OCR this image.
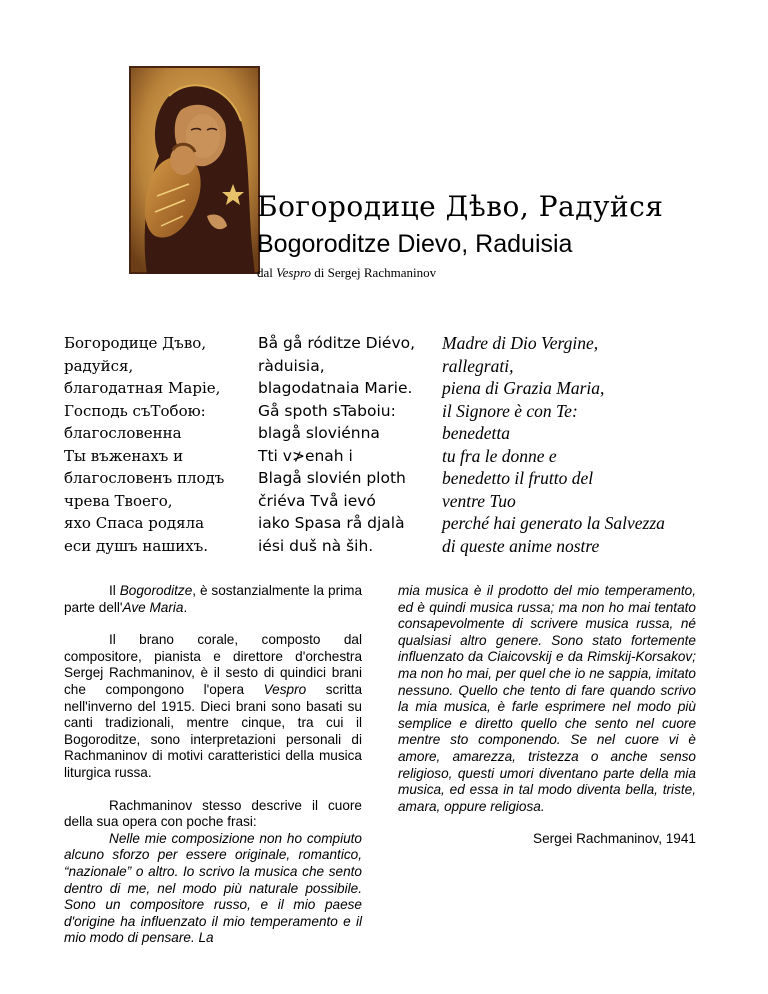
Богородице Дѣво, Радуйся
Bogoroditze Dievo, Raduisia

dal Vespro di Sergej Rachmaninov

Богородице Дъво,
радуйся,
благодатная Маріе,
Господь съТобою:
благословенна
Ты въженахъ и
благословенъ плодъ
чрева Твоего,
яхо Спаса родяла
еси душъ нашихъ.
Bå gå róditze Diévo,
ràduisia,
blagodatnaia Marie.
Gå spoth sTaboiu:
blagå sloviénna
Tti v≯enah i
Blagå slovién ploth
čriéva Två ievó
iako Spasa rå djalà
iési duš nà ših.
Madre di Dio Vergine,
rallegrati,
piena di Grazia Maria,
il Signore è con Te:
benedetta
tu fra le donne e
benedetto il frutto del
ventre Tuo
perché hai generato la Salvezza
di queste anime nostre

Il Bogoroditze, è sostanzialmente la prima parte dell'Ave Maria.

Il brano corale, composto dal compositore, pianista e direttore d'orchestra Sergej Rachmaninov, è il sesto di quindici brani che compongono l'opera Vespro scritta nell'inverno del 1915. Dieci brani sono basati su canti tradizionali, mentre cinque, tra cui il Bogoroditze, sono interpretazioni personali di Rachmaninov di motivi caratteristici della musica liturgica russa.

Rachmaninov stesso descrive il cuore della sua opera con poche frasi:

Nelle mie composizione non ho compiuto alcuno sforzo per essere originale, romantico, “nazionale” o altro. Io scrivo la musica che sento dentro di me, nel modo più naturale possibile. Sono un compositore russo, e il mio paese d'origine ha influenzato il mio temperamento e il mio modo di pensare. La

mia musica è il prodotto del mio temperamento, ed è quindi musica russa; ma non ho mai tentato consapevolmente di scrivere musica russa, né qualsiasi altro genere. Sono stato fortemente influenzato da Ciaicovskij e da Rimskij-Korsakov; ma non ho mai, per quel che io ne sappia, imitato nessuno. Quello che tento di fare quando scrivo la mia musica, è farle esprimere nel modo più semplice e diretto quello che sento nel cuore mentre sto componendo. Se nel cuore vi è amore, amarezza, tristezza o anche senso religioso, questi umori diventano parte della mia musica, ed essa in tal modo diventa bella, triste, amara, oppure religiosa.

Sergei Rachmaninov, 1941
